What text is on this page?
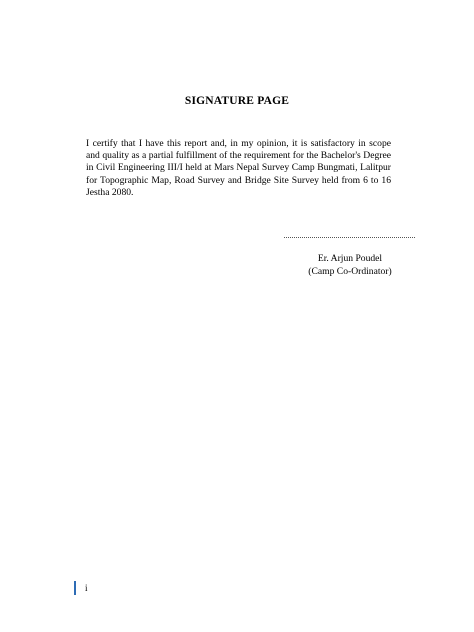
SIGNATURE PAGE
I certify that I have this report and, in my opinion, it is satisfactory in scope and quality as a partial fulfillment of the requirement for the Bachelor's Degree in Civil Engineering III/I held at Mars Nepal Survey Camp Bungmati, Lalitpur for Topographic Map, Road Survey and Bridge Site Survey held from 6 to 16 Jestha 2080.
Er. Arjun Poudel
(Camp Co-Ordinator)
i
